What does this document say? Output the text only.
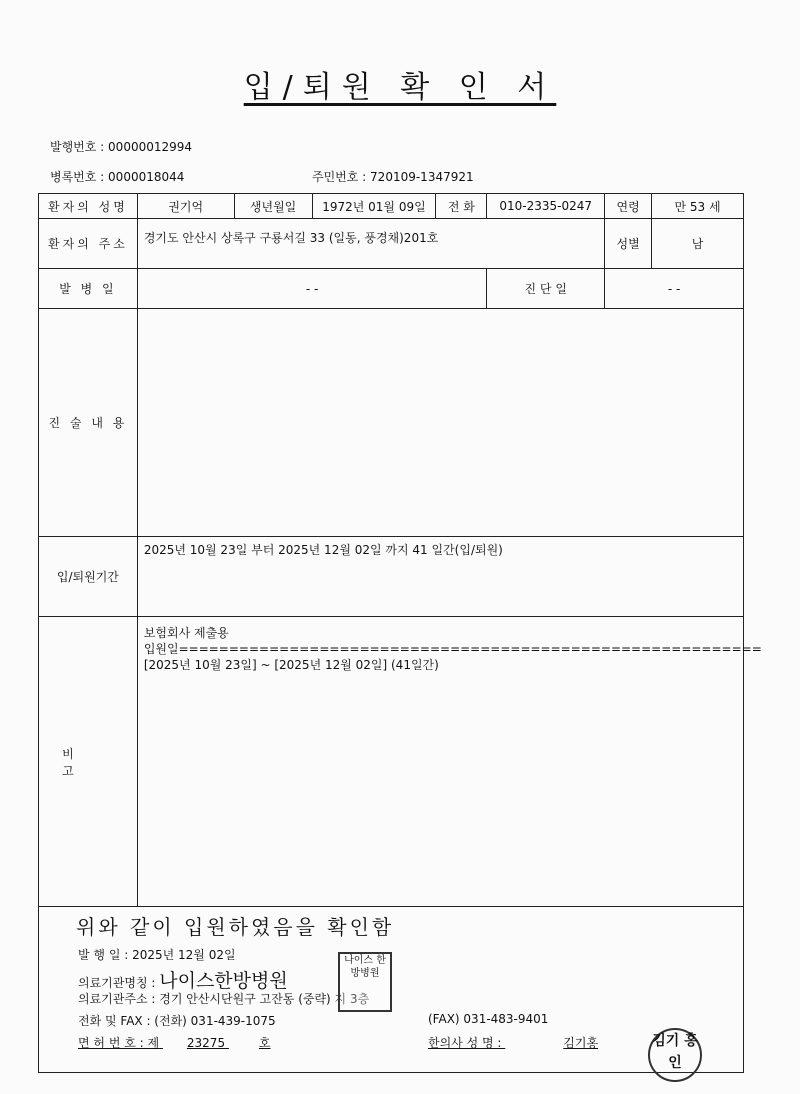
입/퇴원 확 인 서
발행번호 : 00000012994
병록번호 : 0000018044	주민번호 : 720109-1347921
환자의 성명	권기억	생년월일	1972년 01월 09일	전 화	010-2335-0247	연령	만 53 세
환자의 주소	경기도 안산시 상록구 구룡서길 33 (일동, 풍경채)201호					성별	남
발 병 일	- -				진 단 일	- -	
진 술 내 용							
입/퇴원기간	2025년 10월 23일 부터 2025년 12월 02일 까지 41 일간(입/퇴원)						
비 고	보험회사 제출용
입원일==========================================================
[2025년 10월 23일] ~ [2025년 12월 02일] (41일간)						
위와 같이 입원하였음을 확인함
발 행 일 : 2025년 12월 02일
의료기관명칭 : 나이스한방병원
의료기관주소 : 경기 안산시단원구 고잔동 (중략) 지 3층
전화 및 FAX : (전화) 031-439-1075	(FAX) 031-483-9401
면 허 번 호 : 제 23275	호	한의사 성 명 :	김기홍
나이스 한방병원
김기 홍인
